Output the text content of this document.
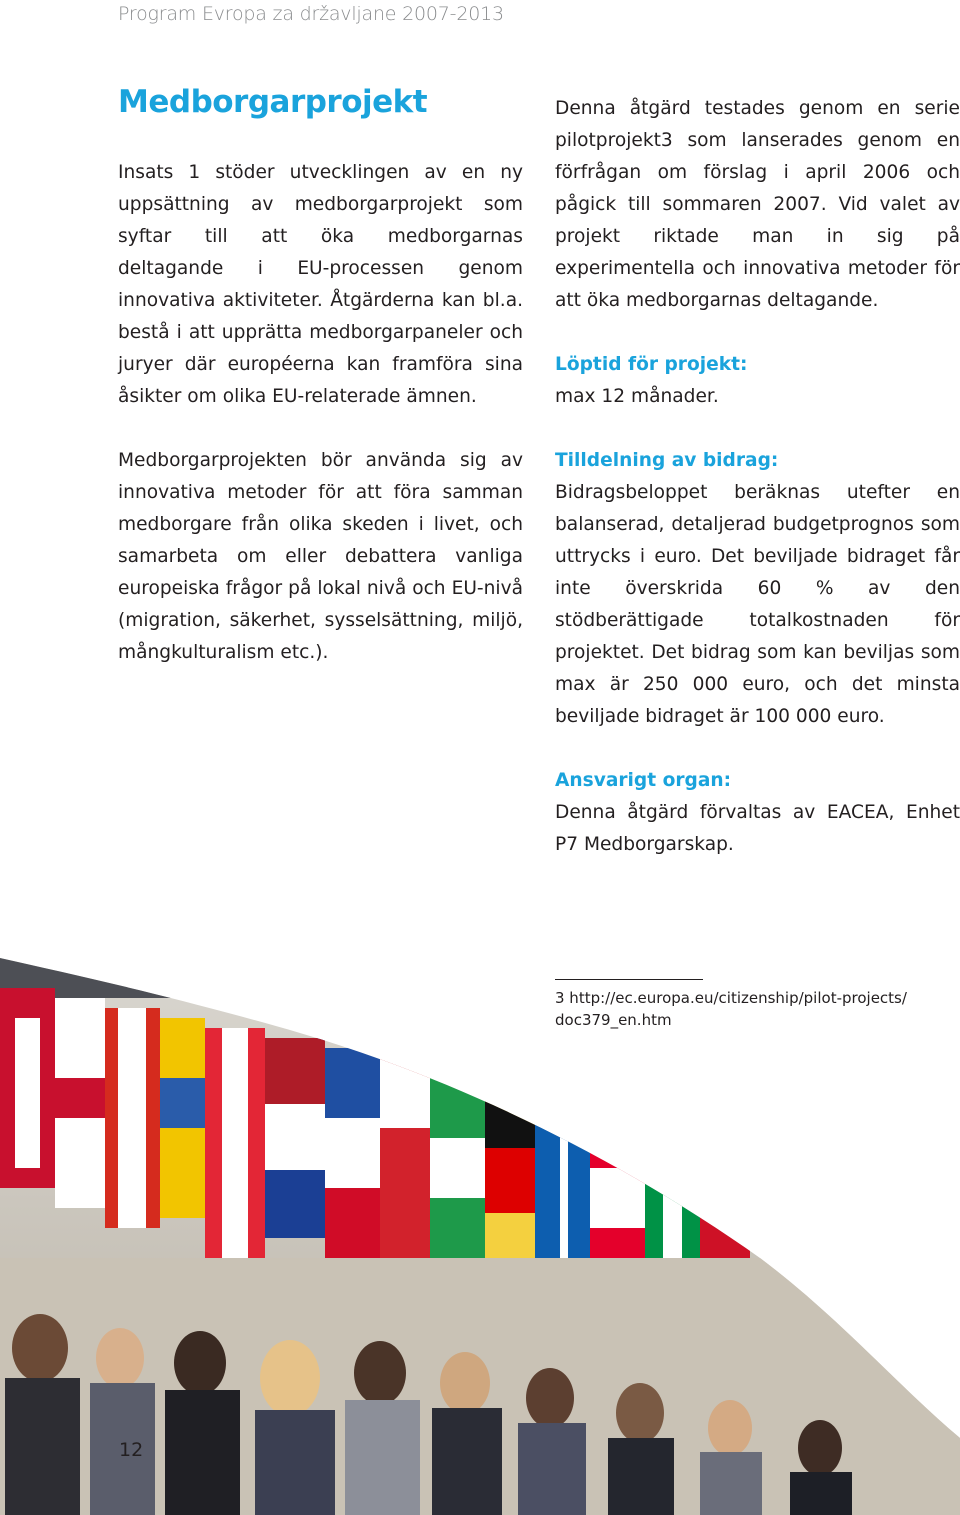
Program Evropa za državljane 2007-2013
Medborgarprojekt

Insats 1 stöder utvecklingen av en ny uppsättning av medborgarprojekt som syftar till att öka medborgarnas deltagande i EU-processen genom innovativa aktiviteter. Åtgärderna kan bl.a. bestå i att upprätta medborgarpaneler och juryer där européerna kan framföra sina åsikter om olika EU-relaterade ämnen.

Medborgarprojekten bör använda sig av innovativa metoder för att föra samman medborgare från olika skeden i livet, och samarbeta om eller debattera vanliga europeiska frågor på lokal nivå och EU-nivå (migration, säkerhet, sysselsättning, miljö, mångkulturalism etc.).

Denna åtgärd testades genom en serie pilotprojekt3 som lanserades genom en förfrågan om förslag i april 2006 och pågick till sommaren 2007. Vid valet av projekt riktade man in sig på experimentella och innovativa metoder för att öka medborgarnas deltagande.

Löptid för projekt:

max 12 månader.

Tilldelning av bidrag:

Bidragsbeloppet beräknas utefter en balanserad, detaljerad budgetprognos som uttrycks i euro. Det beviljade bidraget får inte överskrida 60 % av den stödberättigade totalkostnaden för projektet. Det bidrag som kan beviljas som max är 250 000 euro, och det minsta beviljade bidraget är 100 000 euro.

Ansvarigt organ:

Denna åtgärd förvaltas av EACEA, Enhet P7 Medborgarskap.

3 http://ec.europa.eu/citizenship/pilot-projects/
doc379_en.htm
12
